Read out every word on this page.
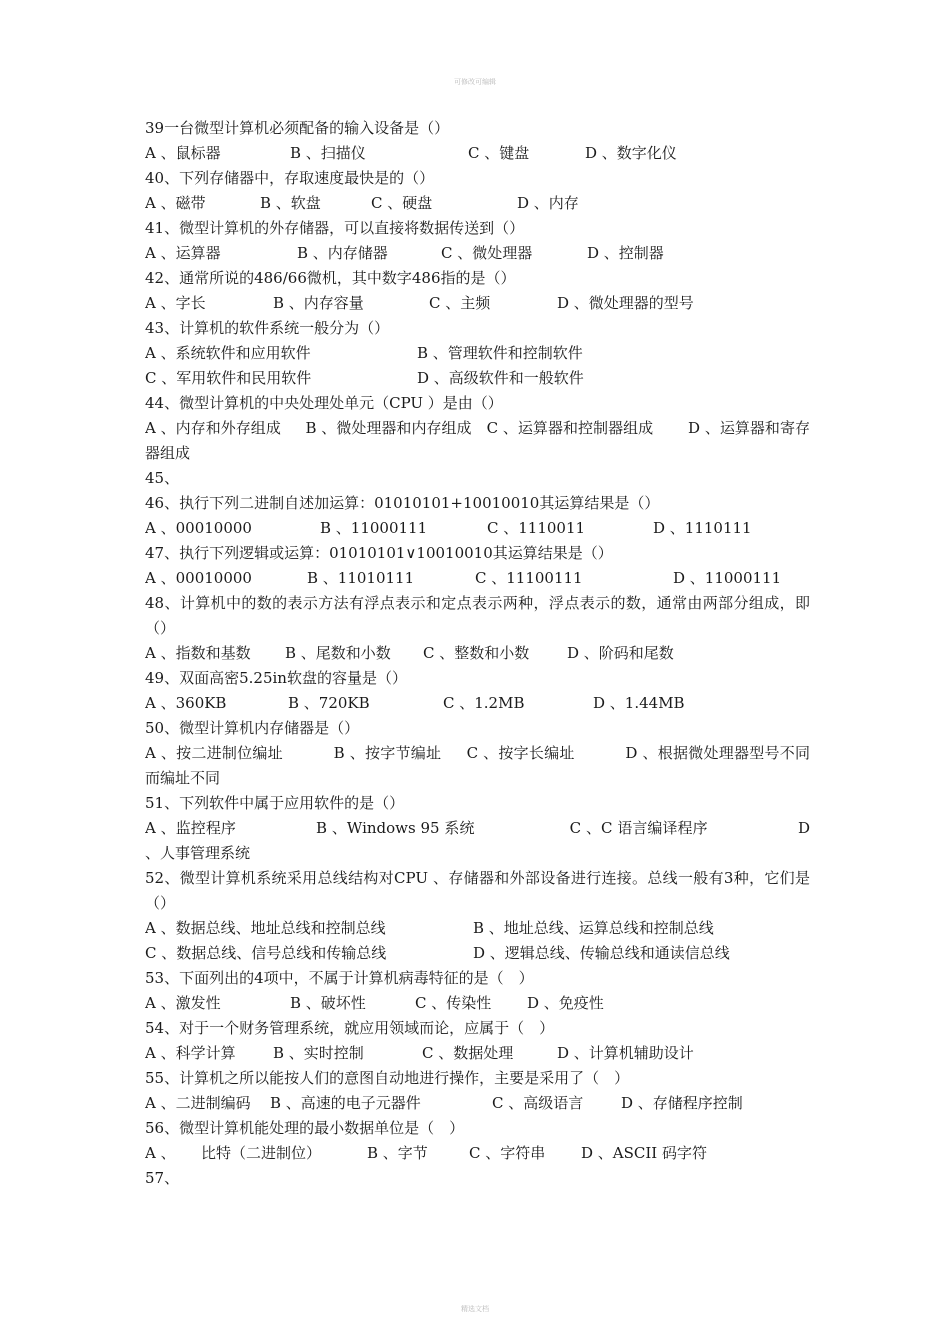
可修改可编辑
39一台微型计算机必须配备的输入设备是（）
A 、鼠标器	B 、扫描仪	C 、键盘	D 、数字化仪
40、下列存储器中，存取速度最快是的（）
A 、磁带	B 、软盘	C 、硬盘	D 、内存
41、微型计算机的外存储器，可以直接将数据传送到（）
A 、运算器	B 、内存储器	C 、微处理器	D 、控制器
42、通常所说的486/66微机，其中数字486指的是（）
A 、字长	B 、内存容量	C 、主频	D 、微处理器的型号
43、计算机的软件系统一般分为（）
A 、系统软件和应用软件	B 、管理软件和控制软件
C 、军用软件和民用软件	D 、高级软件和一般软件
44、微型计算机的中央处理处单元（CPU ）是由（）
A 、内存和外存组成 　 B 、微处理器和内存组成　C 、运算器和控制器组成 　　D 、运算器和寄存器组成
45、
46、执行下列二进制自述加运算：01010101+10010010其运算结果是（）
A 、00010000	B 、11000111	C 、1110011	D 、1110111
47、执行下列逻辑或运算：01010101∨10010010其运算结果是（）
A 、00010000	B 、11010111	C 、11100111	D 、11000111
48、计算机中的数的表示方法有浮点表示和定点表示两种，浮点表示的数，通常由两部分组成，即（）
A 、指数和基数 B 、尾数和小数 C 、整数和小数	D 、阶码和尾数
49、双面高密5.25in软盘的容量是（）
A 、360KB	B 、720KB	C 、1.2MB	D 、1.44MB
50、微型计算机内存储器是（）
A 、按二进制位编址 　　　B 、按字节编址 　 C 、按字长编址 　　　D 、根据微处理器型号不同而编址不同
51、下列软件中属于应用软件的是（）
A 、监控程序　　　　　 B 、Windows 95 系统　　　　　　 C 、C 语言编译程序　　　　　　D 、人事管理系统
52、微型计算机系统采用总线结构对CPU 、存储器和外部设备进行连接。总线一般有3种，它们是（）
A 、数据总线、地址总线和控制总线	B 、地址总线、运算总线和控制总线
C 、数据总线、信号总线和传输总线	D 、逻辑总线、传输总线和通读信总线
53、下面列出的4项中，不属于计算机病毒特征的是（　）
A 、激发性	B 、破坏性	C 、传染性 D 、免疫性
54、对于一个财务管理系统，就应用领域而论，应属于（　）
A 、科学计算 B 、实时控制	C 、数据处理	D 、计算机辅助设计
55、计算机之所以能按人们的意图自动地进行操作，主要是采用了（　）
A 、二进制编码 B 、高速的电子元器件	C 、高级语言	D 、存储程序控制
56、微型计算机能处理的最小数据单位是（　）
A 、 比特（二进制位）	B 、字节	C 、字符串 D 、ASCII 码字符
57、
精选文档
